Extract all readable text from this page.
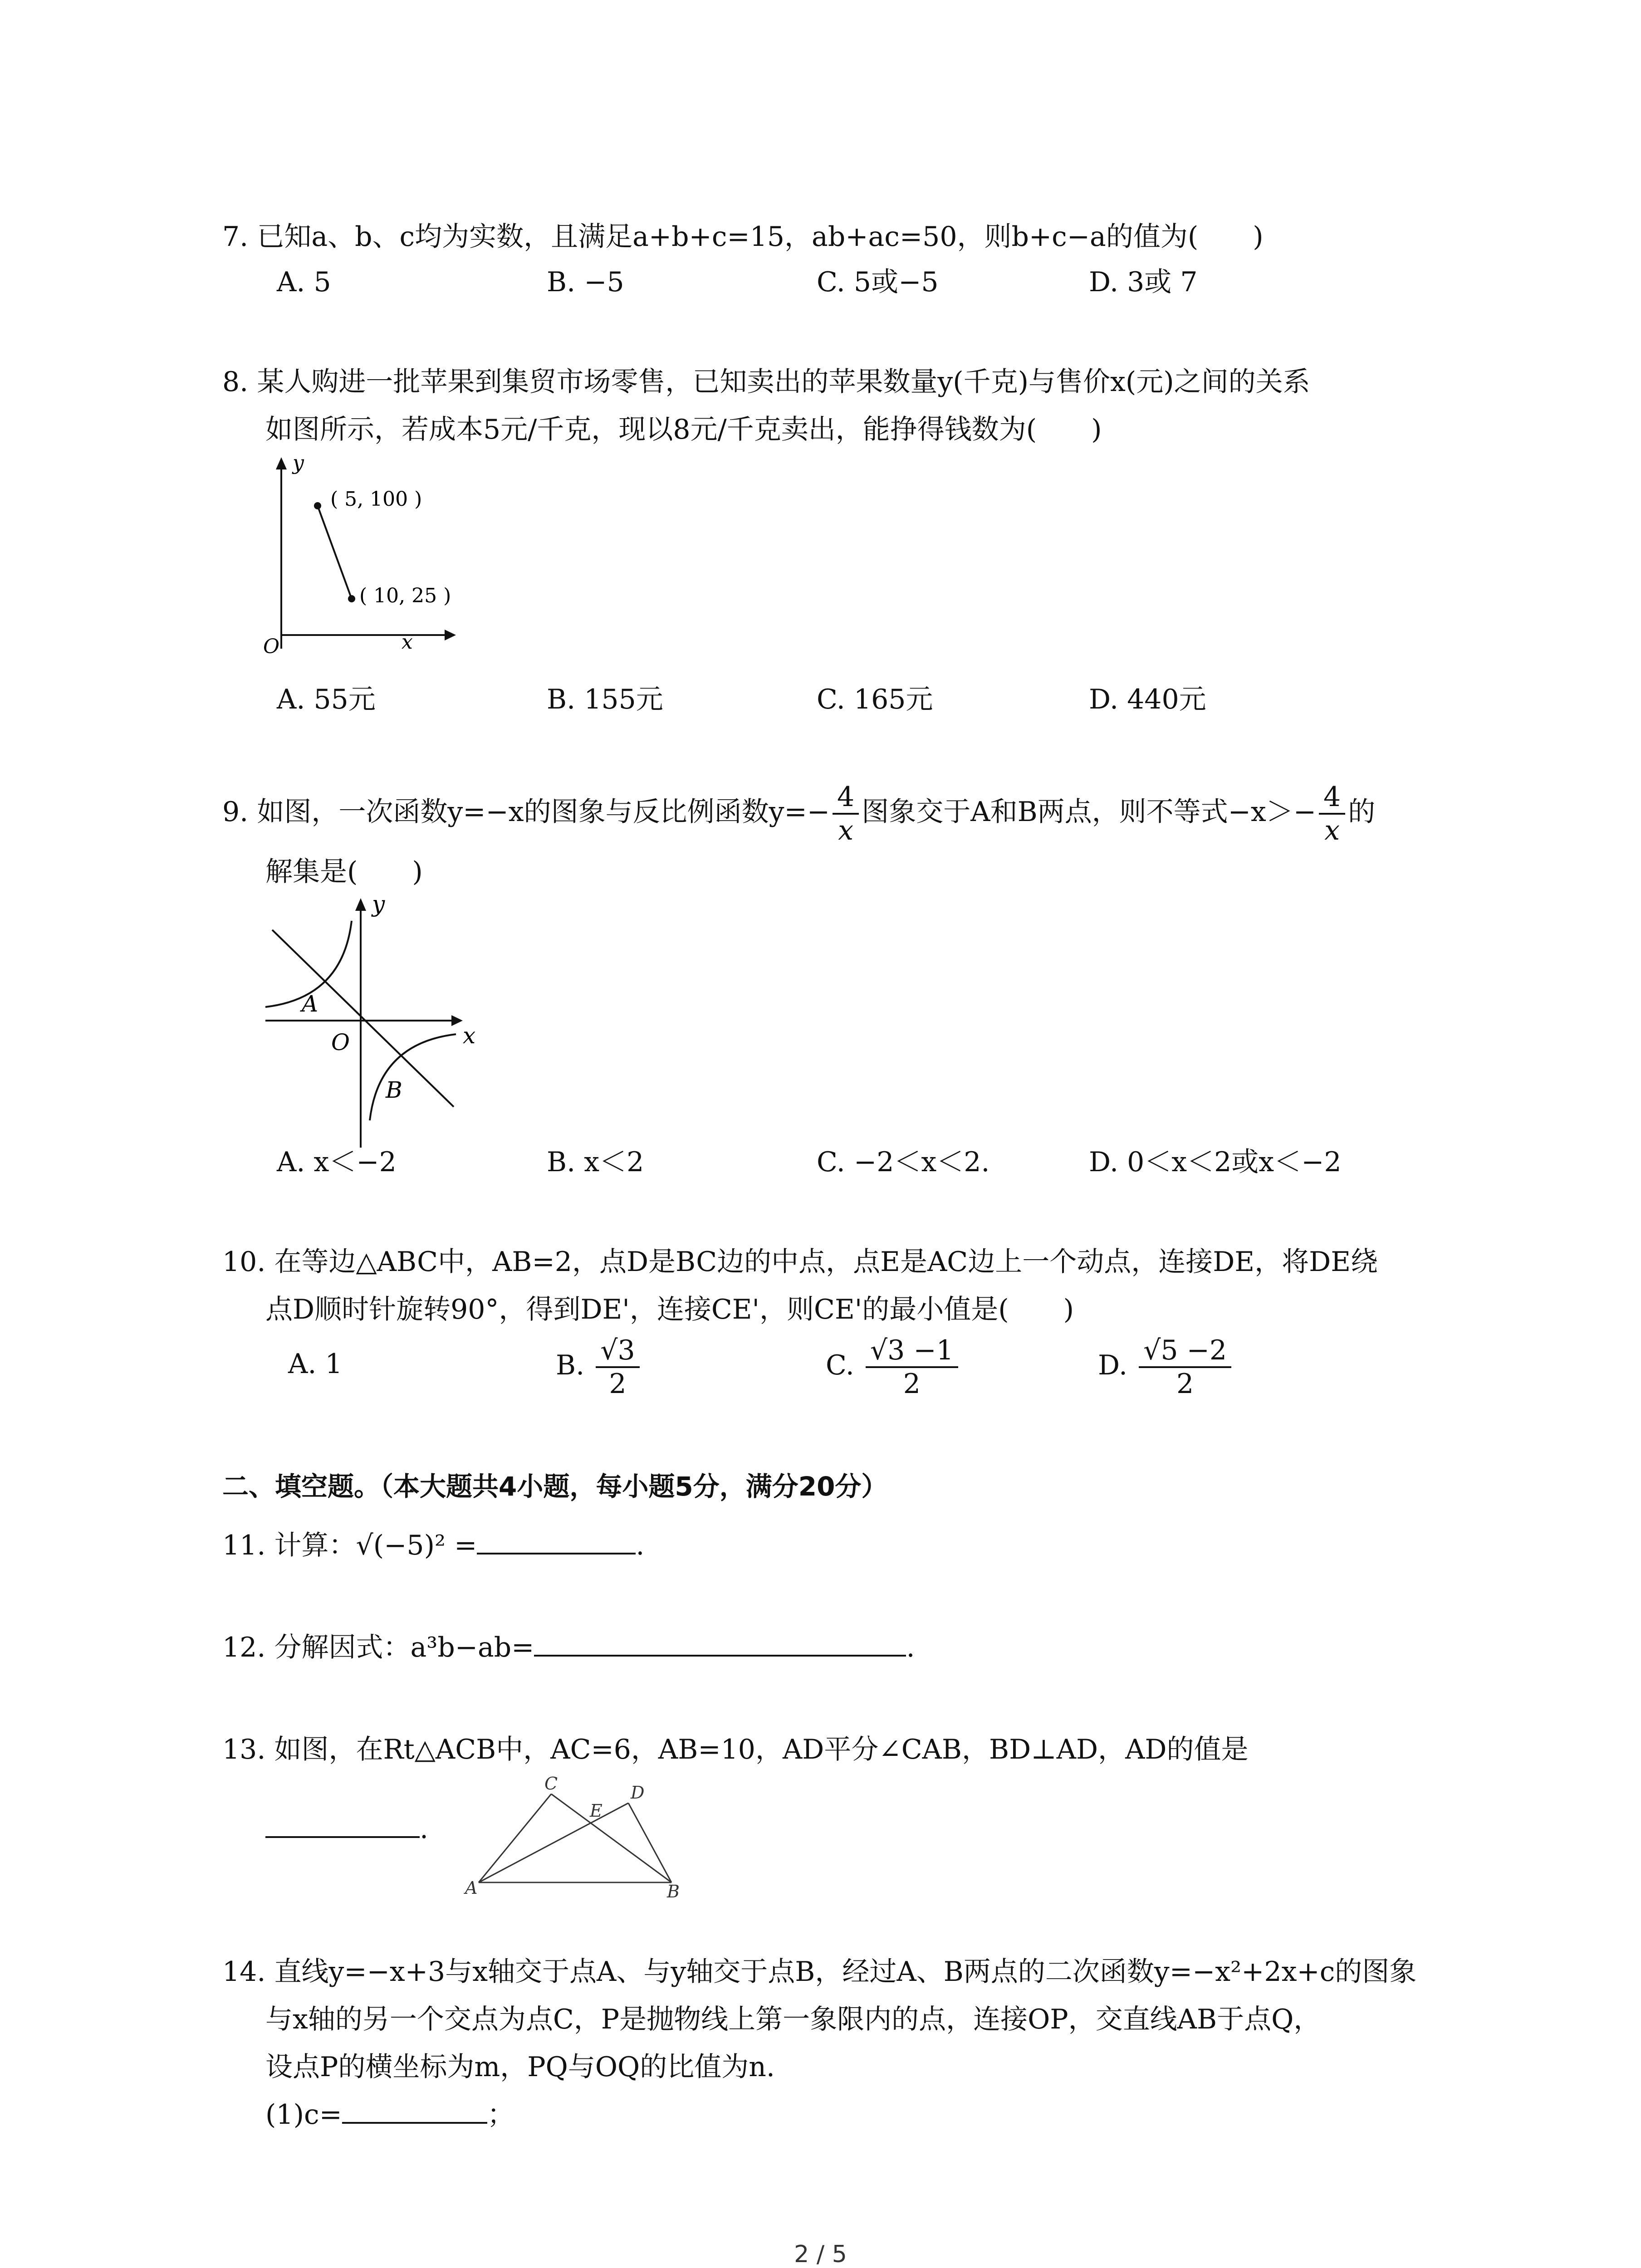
7. 已知a、b、c均为实数，且满足a+b+c=15，ab+ac=50，则b+c−a的值为(　　)
A. 5	B. −5	C. 5或−5	D. 3或 7
8. 某人购进一批苹果到集贸市场零售，已知卖出的苹果数量y(千克)与售价x(元)之间的关系
如图所示，若成本5元/千克，现以8元/千克卖出，能挣得钱数为(　　)
y
x
O
( 5, 100 )
( 10, 25 )
A. 55元	B. 155元	C. 165元	D. 440元
9. 如图，一次函数y=−x的图象与反比例函数$y=- \frac{4}{x}$ 图象交于A和B两点，则不等式$-x>- \frac{4}{x}$ 的
解集是(　　)
A
B
O	x
y
A. x＜−2	B. x＜2	C. −2＜x＜2.	D. 0＜x＜2或x＜−2
10. 在等边△ABC中，AB=2，点D是BC边的中点，点E是AC边上一个动点，连接DE，将DE绕
点D顺时针旋转90°，得到DE'，连接CE'，则CE'的最小值是(　　)
A. 1	B. $\frac{√3}{2}$	C. $\frac{√3 -1}{2}$	D. $\frac{√5 -2}{2}$
二、填空题。（本大题共4小题，每小题5分，满分20分）
11. 计算：√(−5)² =	.
12. 分解因式：a³b−ab=	.
13. 如图，在Rt△ACB中，AC=6，AB=10，AD平分∠CAB，BD⊥AD，AD的值是
.
A	B
C	D
E
14. 直线y=−x+3与x轴交于点A、与y轴交于点B，经过A、B两点的二次函数y=−x²+2x+c的图象
与x轴的另一个交点为点C，P是抛物线上第一象限内的点，连接OP，交直线AB于点Q，
设点P的横坐标为m，PQ与OQ的比值为n.
(1)c=	；
2 / 5
